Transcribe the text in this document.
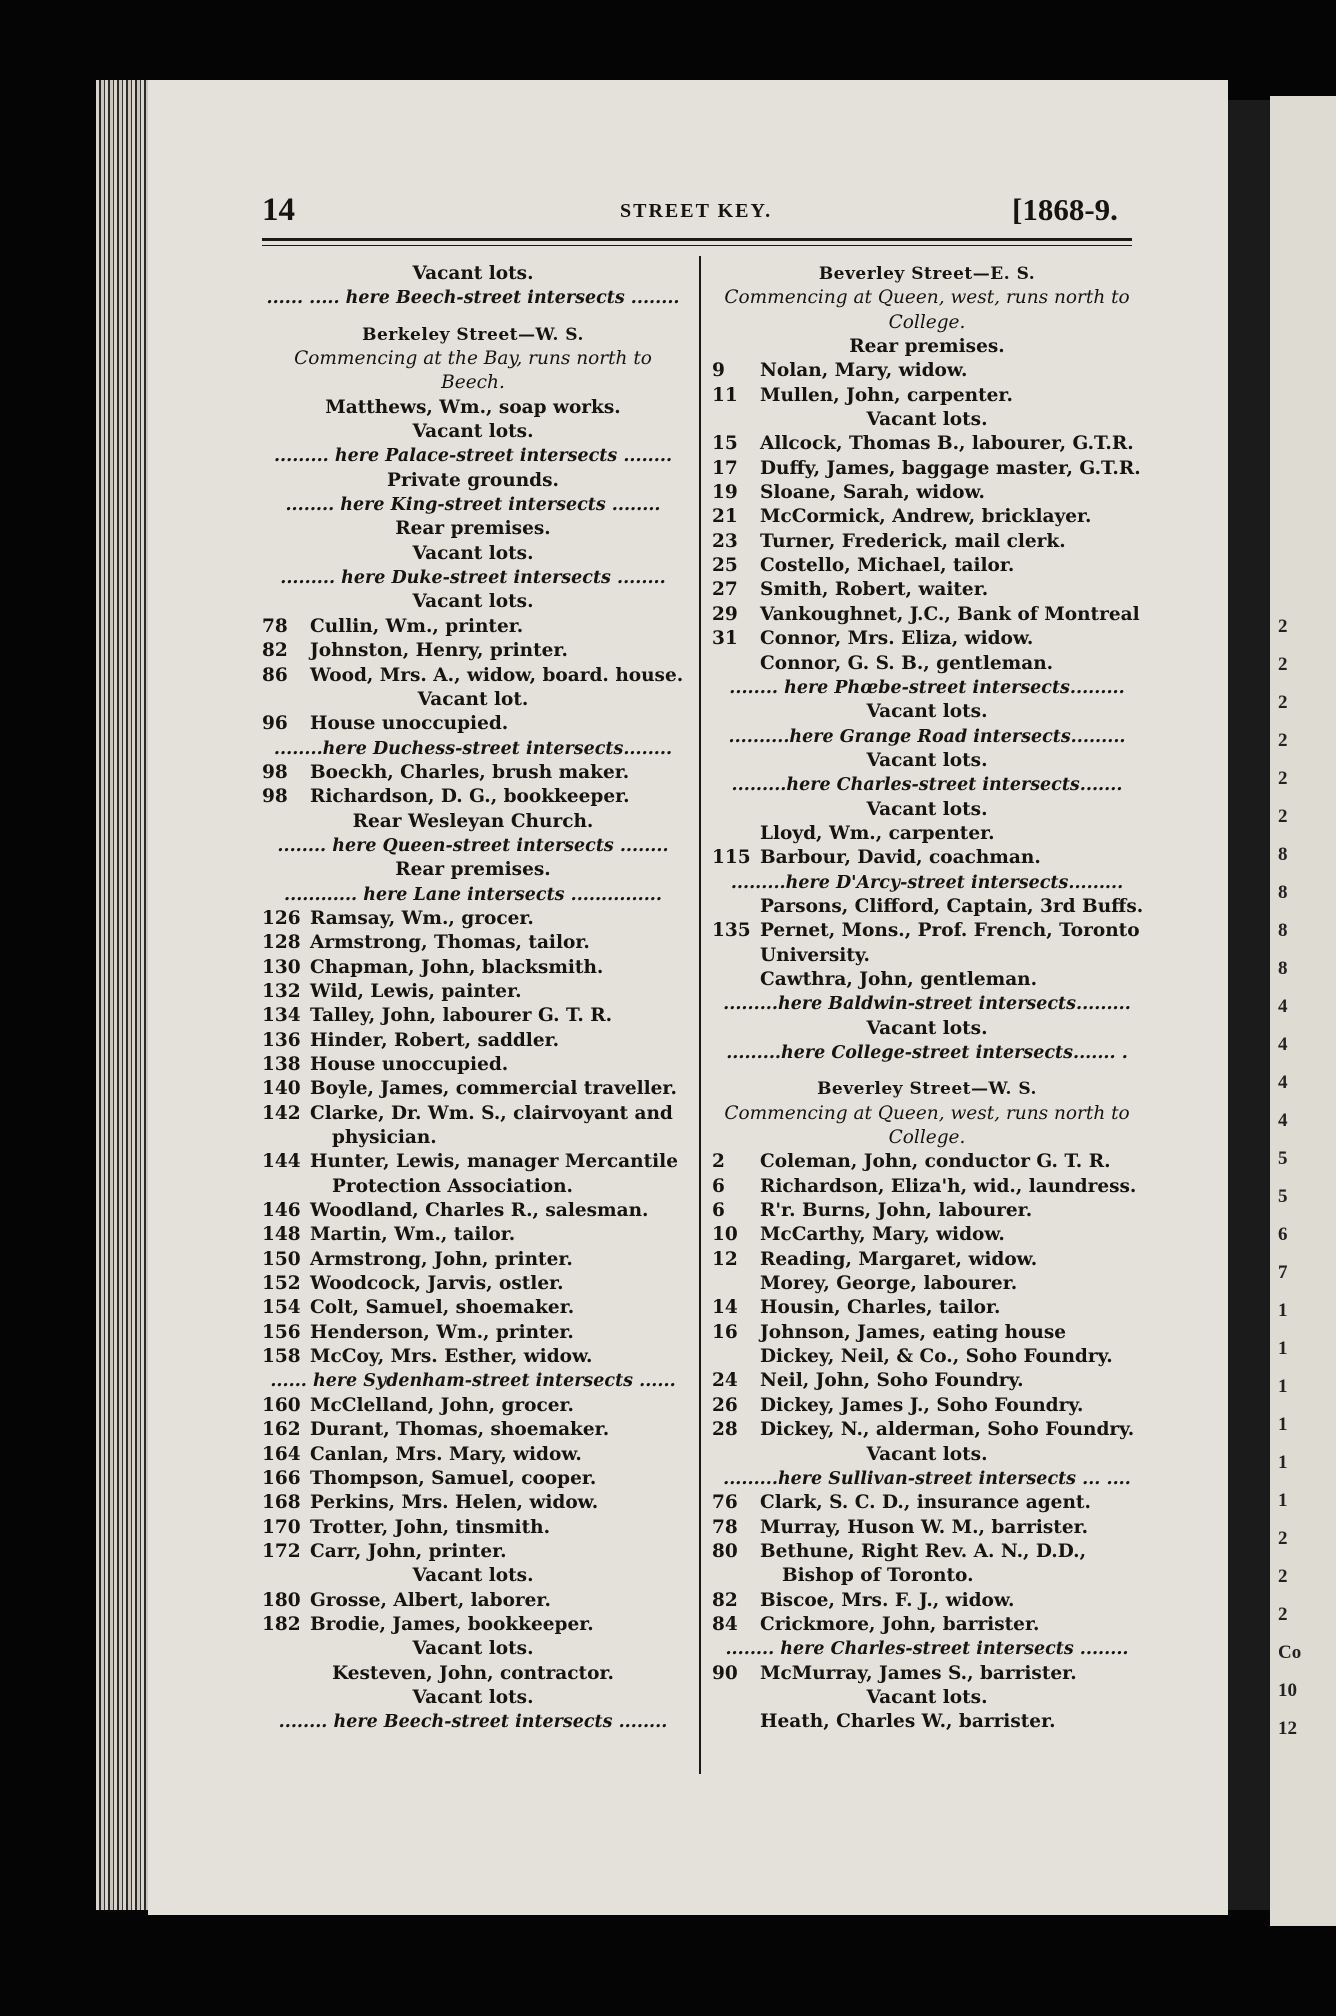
2
2
2
2
2
2
8
8
8
8
4
4
4
4
5
5
6
7
1
1
1
1
1
1
2
2
2
Co
10
12
14	STREET KEY.	[1868-9.
Vacant lots.
...... ..... here Beech-street intersects ........
Berkeley Street—W. S.
Commencing at the Bay, runs north to
Beech.
Matthews, Wm., soap works.
Vacant lots.
......... here Palace-street intersects ........
Private grounds.
........ here King-street intersects ........
Rear premises.
Vacant lots.
......... here Duke-street intersects ........
Vacant lots.
78 Cullin, Wm., printer.
82 Johnston, Henry, printer.
86 Wood, Mrs. A., widow, board. house.
Vacant lot.
96 House unoccupied.
........here Duchess-street intersects........
98 Boeckh, Charles, brush maker.
98 Richardson, D. G., bookkeeper.
Rear Wesleyan Church.
........ here Queen-street intersects ........
Rear premises.
............ here Lane intersects ...............
126 Ramsay, Wm., grocer.
128 Armstrong, Thomas, tailor.
130 Chapman, John, blacksmith.
132 Wild, Lewis, painter.
134 Talley, John, labourer G. T. R.
136 Hinder, Robert, saddler.
138 House unoccupied.
140 Boyle, James, commercial traveller.
142 Clarke, Dr. Wm. S., clairvoyant and
physician.
144 Hunter, Lewis, manager Mercantile
Protection Association.
146 Woodland, Charles R., salesman.
148 Martin, Wm., tailor.
150 Armstrong, John, printer.
152 Woodcock, Jarvis, ostler.
154 Colt, Samuel, shoemaker.
156 Henderson, Wm., printer.
158 McCoy, Mrs. Esther, widow.
...... here Sydenham-street intersects ......
160 McClelland, John, grocer.
162 Durant, Thomas, shoemaker.
164 Canlan, Mrs. Mary, widow.
166 Thompson, Samuel, cooper.
168 Perkins, Mrs. Helen, widow.
170 Trotter, John, tinsmith.
172 Carr, John, printer.
Vacant lots.
180 Grosse, Albert, laborer.
182 Brodie, James, bookkeeper.
Vacant lots.
Kesteven, John, contractor.
Vacant lots.
........ here Beech-street intersects ........
Beverley Street—E. S.
Commencing at Queen, west, runs north to
College.
Rear premises.
9 Nolan, Mary, widow.
11 Mullen, John, carpenter.
Vacant lots.
15 Allcock, Thomas B., labourer, G.T.R.
17 Duffy, James, baggage master, G.T.R.
19 Sloane, Sarah, widow.
21 McCormick, Andrew, bricklayer.
23 Turner, Frederick, mail clerk.
25 Costello, Michael, tailor.
27 Smith, Robert, waiter.
29 Vankoughnet, J.C., Bank of Montreal
31 Connor, Mrs. Eliza, widow.
Connor, G. S. B., gentleman.
........ here Phœbe-street intersects.........
Vacant lots.
..........here Grange Road intersects.........
Vacant lots.
.........here Charles-street intersects.......
Vacant lots.
Lloyd, Wm., carpenter.
115 Barbour, David, coachman.
.........here D'Arcy-street intersects.........
Parsons, Clifford, Captain, 3rd Buffs.
135 Pernet, Mons., Prof. French, Toronto
University.
Cawthra, John, gentleman.
.........here Baldwin-street intersects.........
Vacant lots.
.........here College-street intersects....... .
Beverley Street—W. S.
Commencing at Queen, west, runs north to
College.
2 Coleman, John, conductor G. T. R.
6 Richardson, Eliza'h, wid., laundress.
6 R'r. Burns, John, labourer.
10 McCarthy, Mary, widow.
12 Reading, Margaret, widow.
Morey, George, labourer.
14 Housin, Charles, tailor.
16 Johnson, James, eating house
Dickey, Neil, & Co., Soho Foundry.
24 Neil, John, Soho Foundry.
26 Dickey, James J., Soho Foundry.
28 Dickey, N., alderman, Soho Foundry.
Vacant lots.
.........here Sullivan-street intersects ... ....
76 Clark, S. C. D., insurance agent.
78 Murray, Huson W. M., barrister.
80 Bethune, Right Rev. A. N., D.D.,
Bishop of Toronto.
82 Biscoe, Mrs. F. J., widow.
84 Crickmore, John, barrister.
........ here Charles-street intersects ........
90 McMurray, James S., barrister.
Vacant lots.
Heath, Charles W., barrister.
